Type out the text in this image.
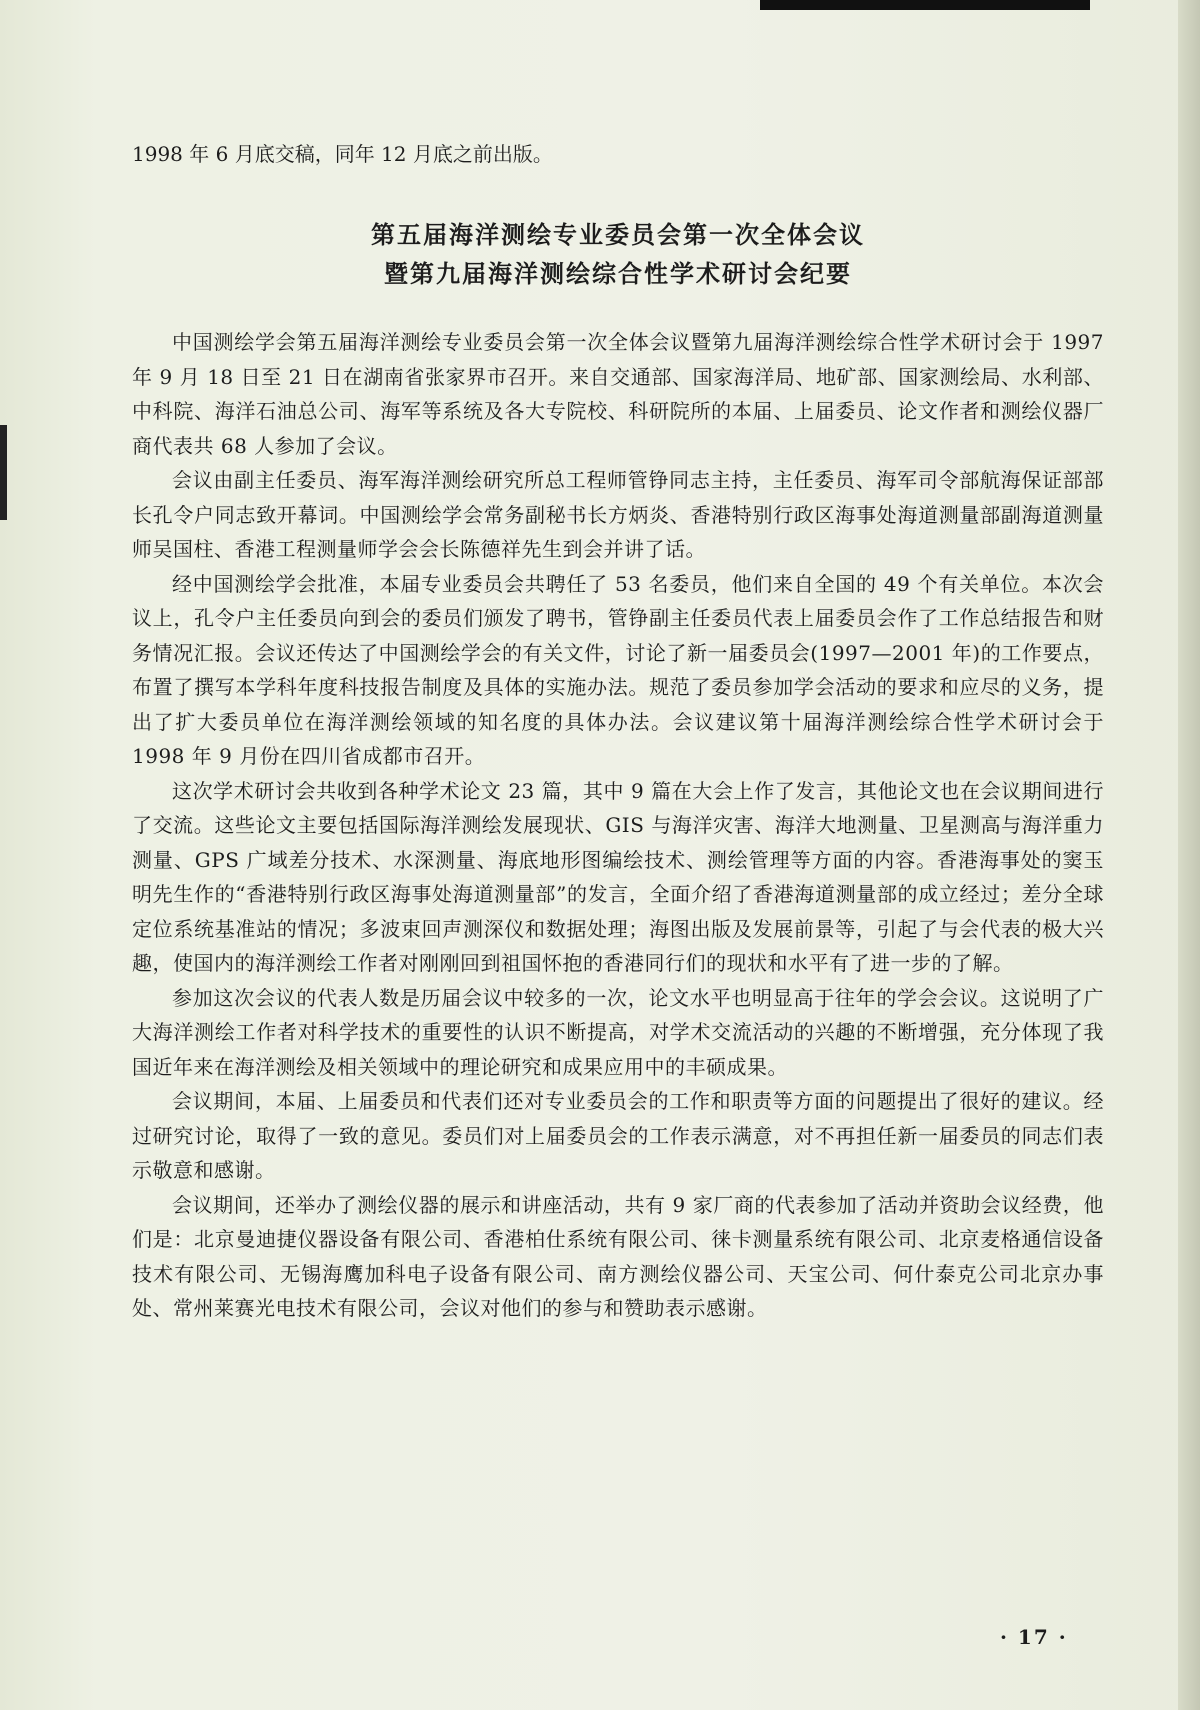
1998 年 6 月底交稿，同年 12 月底之前出版。
第五届海洋测绘专业委员会第一次全体会议
暨第九届海洋测绘综合性学术研讨会纪要

中国测绘学会第五届海洋测绘专业委员会第一次全体会议暨第九届海洋测绘综合性学术研讨会于 1997 年 9 月 18 日至 21 日在湖南省张家界市召开。来自交通部、国家海洋局、地矿部、国家测绘局、水利部、中科院、海洋石油总公司、海军等系统及各大专院校、科研院所的本届、上届委员、论文作者和测绘仪器厂商代表共 68 人参加了会议。

会议由副主任委员、海军海洋测绘研究所总工程师管铮同志主持，主任委员、海军司令部航海保证部部长孔令户同志致开幕词。中国测绘学会常务副秘书长方炳炎、香港特别行政区海事处海道测量部副海道测量师吴国柱、香港工程测量师学会会长陈德祥先生到会并讲了话。

经中国测绘学会批准，本届专业委员会共聘任了 53 名委员，他们来自全国的 49 个有关单位。本次会议上，孔令户主任委员向到会的委员们颁发了聘书，管铮副主任委员代表上届委员会作了工作总结报告和财务情况汇报。会议还传达了中国测绘学会的有关文件，讨论了新一届委员会(1997—2001 年)的工作要点，布置了撰写本学科年度科技报告制度及具体的实施办法。规范了委员参加学会活动的要求和应尽的义务，提出了扩大委员单位在海洋测绘领域的知名度的具体办法。会议建议第十届海洋测绘综合性学术研讨会于 1998 年 9 月份在四川省成都市召开。

这次学术研讨会共收到各种学术论文 23 篇，其中 9 篇在大会上作了发言，其他论文也在会议期间进行了交流。这些论文主要包括国际海洋测绘发展现状、GIS 与海洋灾害、海洋大地测量、卫星测高与海洋重力测量、GPS 广域差分技术、水深测量、海底地形图编绘技术、测绘管理等方面的内容。香港海事处的窦玉明先生作的“香港特别行政区海事处海道测量部”的发言，全面介绍了香港海道测量部的成立经过；差分全球定位系统基准站的情况；多波束回声测深仪和数据处理；海图出版及发展前景等，引起了与会代表的极大兴趣，使国内的海洋测绘工作者对刚刚回到祖国怀抱的香港同行们的现状和水平有了进一步的了解。

参加这次会议的代表人数是历届会议中较多的一次，论文水平也明显高于往年的学会会议。这说明了广大海洋测绘工作者对科学技术的重要性的认识不断提高，对学术交流活动的兴趣的不断增强，充分体现了我国近年来在海洋测绘及相关领域中的理论研究和成果应用中的丰硕成果。

会议期间，本届、上届委员和代表们还对专业委员会的工作和职责等方面的问题提出了很好的建议。经过研究讨论，取得了一致的意见。委员们对上届委员会的工作表示满意，对不再担任新一届委员的同志们表示敬意和感谢。

会议期间，还举办了测绘仪器的展示和讲座活动，共有 9 家厂商的代表参加了活动并资助会议经费，他们是：北京曼迪捷仪器设备有限公司、香港柏仕系统有限公司、徕卡测量系统有限公司、北京麦格通信设备技术有限公司、无锡海鹰加科电子设备有限公司、南方测绘仪器公司、天宝公司、何什泰克公司北京办事处、常州莱赛光电技术有限公司，会议对他们的参与和赞助表示感谢。

· 17 ·
